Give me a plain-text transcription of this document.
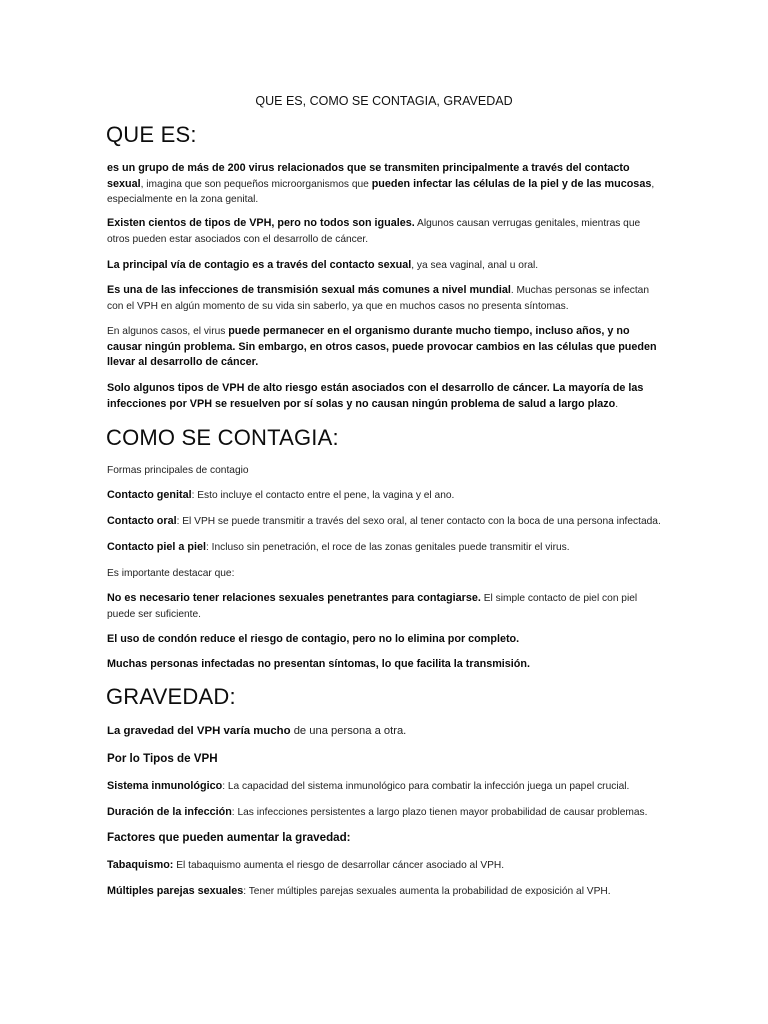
QUE ES, COMO SE CONTAGIA, GRAVEDAD
QUE ES:

es un grupo de más de 200 virus relacionados que se transmiten principalmente a través del contacto sexual, imagina que son pequeños microorganismos que pueden infectar las células de la piel y de las mucosas, especialmente en la zona genital.

Existen cientos de tipos de VPH, pero no todos son iguales. Algunos causan verrugas genitales, mientras que otros pueden estar asociados con el desarrollo de cáncer.

La principal vía de contagio es a través del contacto sexual, ya sea vaginal, anal u oral.

Es una de las infecciones de transmisión sexual más comunes a nivel mundial. Muchas personas se infectan con el VPH en algún momento de su vida sin saberlo, ya que en muchos casos no presenta síntomas.

En algunos casos, el virus puede permanecer en el organismo durante mucho tiempo, incluso años, y no causar ningún problema. Sin embargo, en otros casos, puede provocar cambios en las células que pueden llevar al desarrollo de cáncer.

Solo algunos tipos de VPH de alto riesgo están asociados con el desarrollo de cáncer. La mayoría de las infecciones por VPH se resuelven por sí solas y no causan ningún problema de salud a largo plazo.

COMO SE CONTAGIA:

Formas principales de contagio

Contacto genital: Esto incluye el contacto entre el pene, la vagina y el ano.

Contacto oral: El VPH se puede transmitir a través del sexo oral, al tener contacto con la boca de una persona infectada.

Contacto piel a piel: Incluso sin penetración, el roce de las zonas genitales puede transmitir el virus.

Es importante destacar que:

No es necesario tener relaciones sexuales penetrantes para contagiarse. El simple contacto de piel con piel puede ser suficiente.

El uso de condón reduce el riesgo de contagio, pero no lo elimina por completo.

Muchas personas infectadas no presentan síntomas, lo que facilita la transmisión.

GRAVEDAD:

La gravedad del VPH varía mucho de una persona a otra.

Por lo Tipos de VPH

Sistema inmunológico: La capacidad del sistema inmunológico para combatir la infección juega un papel crucial.

Duración de la infección: Las infecciones persistentes a largo plazo tienen mayor probabilidad de causar problemas.

Factores que pueden aumentar la gravedad:

Tabaquismo: El tabaquismo aumenta el riesgo de desarrollar cáncer asociado al VPH.

Múltiples parejas sexuales: Tener múltiples parejas sexuales aumenta la probabilidad de exposición al VPH.
